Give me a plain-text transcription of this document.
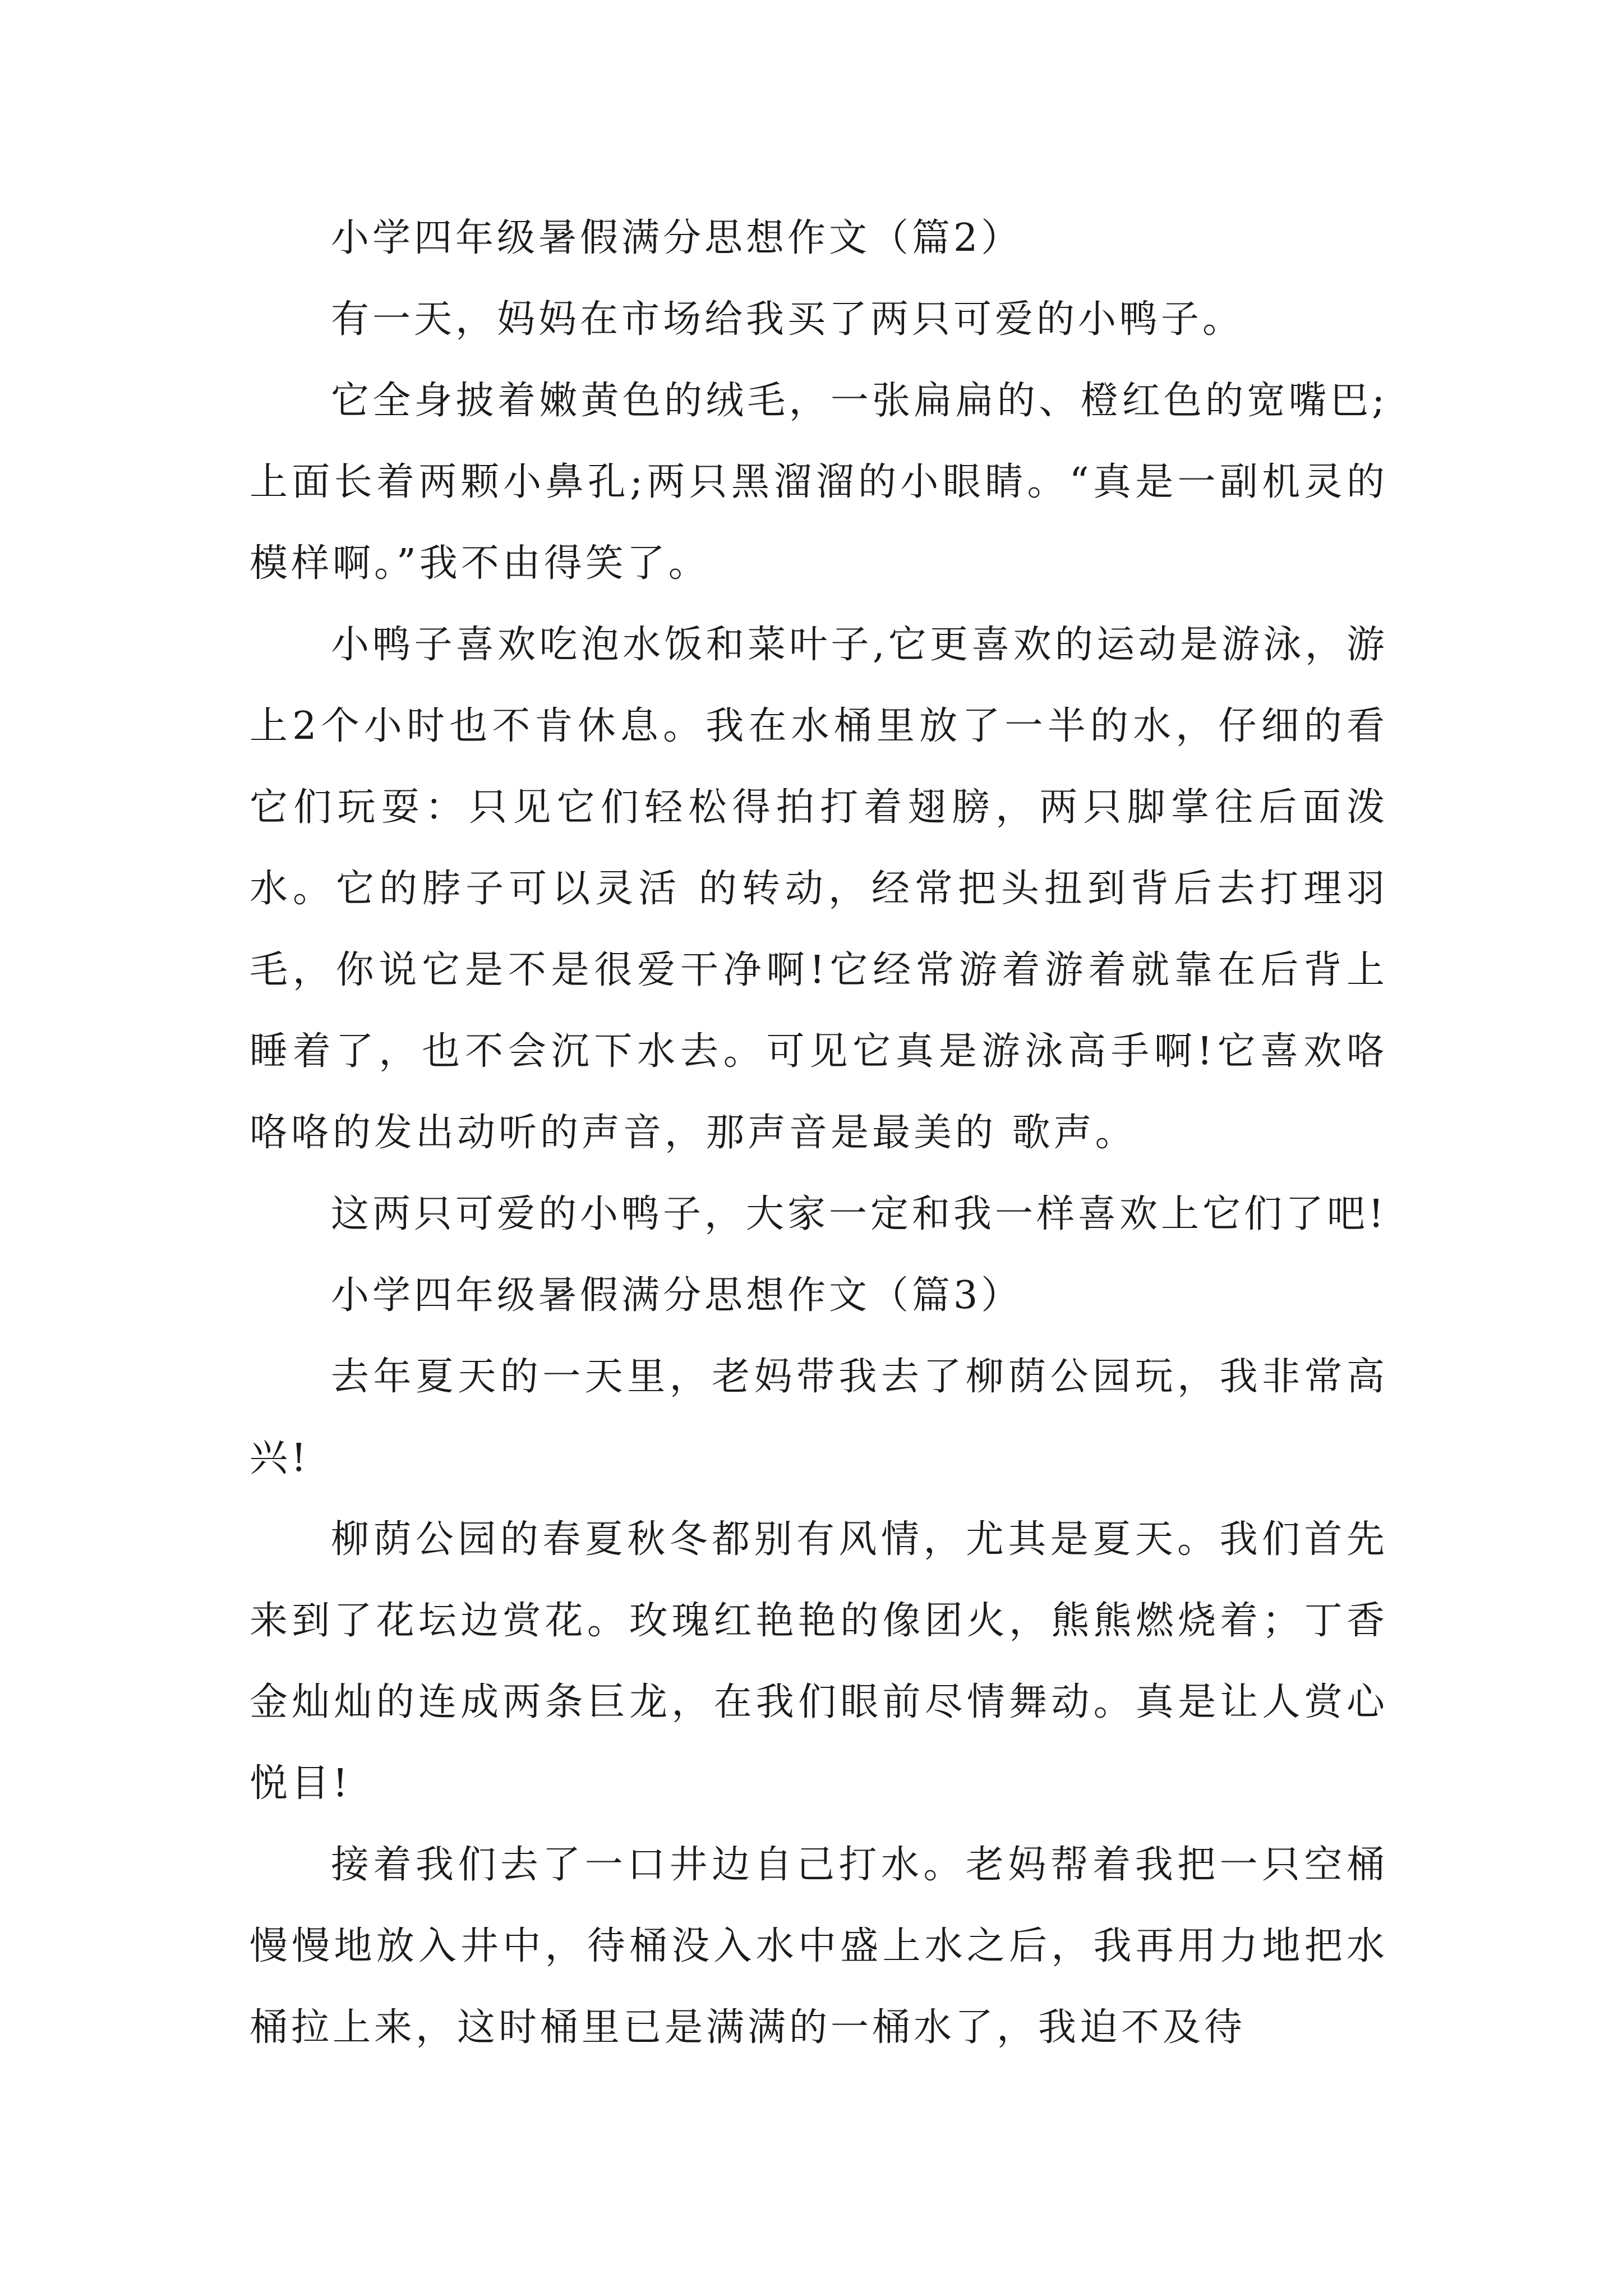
小学四年级暑假满分思想作文（篇2）

有一天，妈妈在市场给我买了两只可爱的小鸭子。

它全身披着嫩黄色的绒毛，一张扁扁的、橙红色的宽嘴巴;上面长着两颗小鼻孔;两只黑溜溜的小眼睛。“真是一副机灵的模样啊。”我不由得笑了。

小鸭子喜欢吃泡水饭和菜叶子,它更喜欢的运动是游泳，游上2个小时也不肯休息。我在水桶里放了一半的水，仔细的看它们玩耍：只见它们轻松得拍打着翅膀，两只脚掌往后面泼水。它的脖子可以灵活 的转动，经常把头扭到背后去打理羽毛，你说它是不是很爱干净啊!它经常游着游着就靠在后背上睡着了，也不会沉下水去。可见它真是游泳高手啊!它喜欢咯咯咯的发出动听的声音，那声音是最美的 歌声。

这两只可爱的小鸭子，大家一定和我一样喜欢上它们了吧!

小学四年级暑假满分思想作文（篇3）

去年夏天的一天里，老妈带我去了柳荫公园玩，我非常高兴!

柳荫公园的春夏秋冬都别有风情，尤其是夏天。我们首先来到了花坛边赏花。玫瑰红艳艳的像团火，熊熊燃烧着；丁香金灿灿的连成两条巨龙，在我们眼前尽情舞动。真是让人赏心悦目!

接着我们去了一口井边自己打水。老妈帮着我把一只空桶慢慢地放入井中，待桶没入水中盛上水之后，我再用力地把水桶拉上来，这时桶里已是满满的一桶水了，我迫不及待
